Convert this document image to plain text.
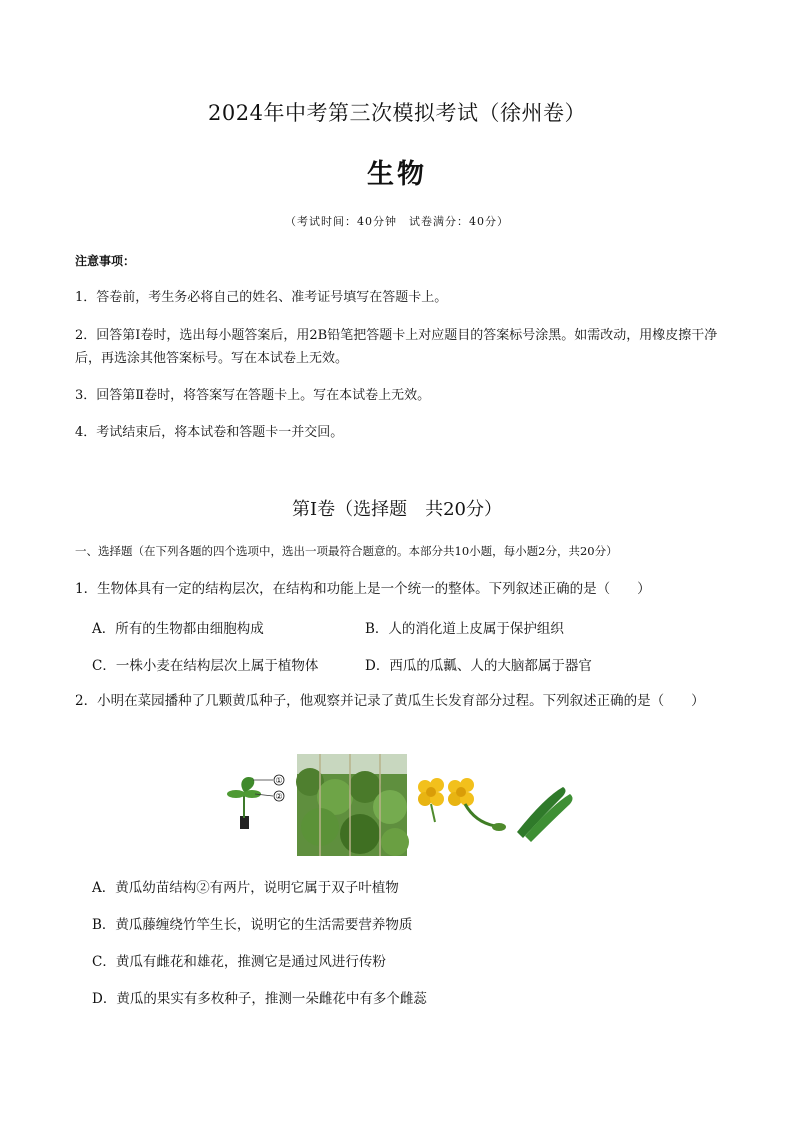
2024年中考第三次模拟考试（徐州卷）
生物
（考试时间：40分钟　试卷满分：40分）
注意事项：
1．答卷前，考生务必将自己的姓名、准考证号填写在答题卡上。
2．回答第Ⅰ卷时，选出每小题答案后，用2B铅笔把答题卡上对应题目的答案标号涂黑。如需改动，用橡皮擦干净后，再选涂其他答案标号。写在本试卷上无效。
3．回答第Ⅱ卷时，将答案写在答题卡上。写在本试卷上无效。
4．考试结束后，将本试卷和答题卡一并交回。
第Ⅰ卷（选择题　共20分）
一、选择题（在下列各题的四个选项中，选出一项最符合题意的。本部分共10小题，每小题2分，共20分）
1．生物体具有一定的结构层次，在结构和功能上是一个统一的整体。下列叙述正确的是（　　）
A．所有的生物都由细胞构成	B．人的消化道上皮属于保护组织
C．一株小麦在结构层次上属于植物体	D．西瓜的瓜瓤、人的大脑都属于器官
2．小明在菜园播种了几颗黄瓜种子，他观察并记录了黄瓜生长发育部分过程。下列叙述正确的是（　　）
①
②
A．黄瓜幼苗结构②有两片，说明它属于双子叶植物
B．黄瓜藤缠绕竹竿生长，说明它的生活需要营养物质
C．黄瓜有雌花和雄花，推测它是通过风进行传粉
D．黄瓜的果实有多枚种子，推测一朵雌花中有多个雌蕊
